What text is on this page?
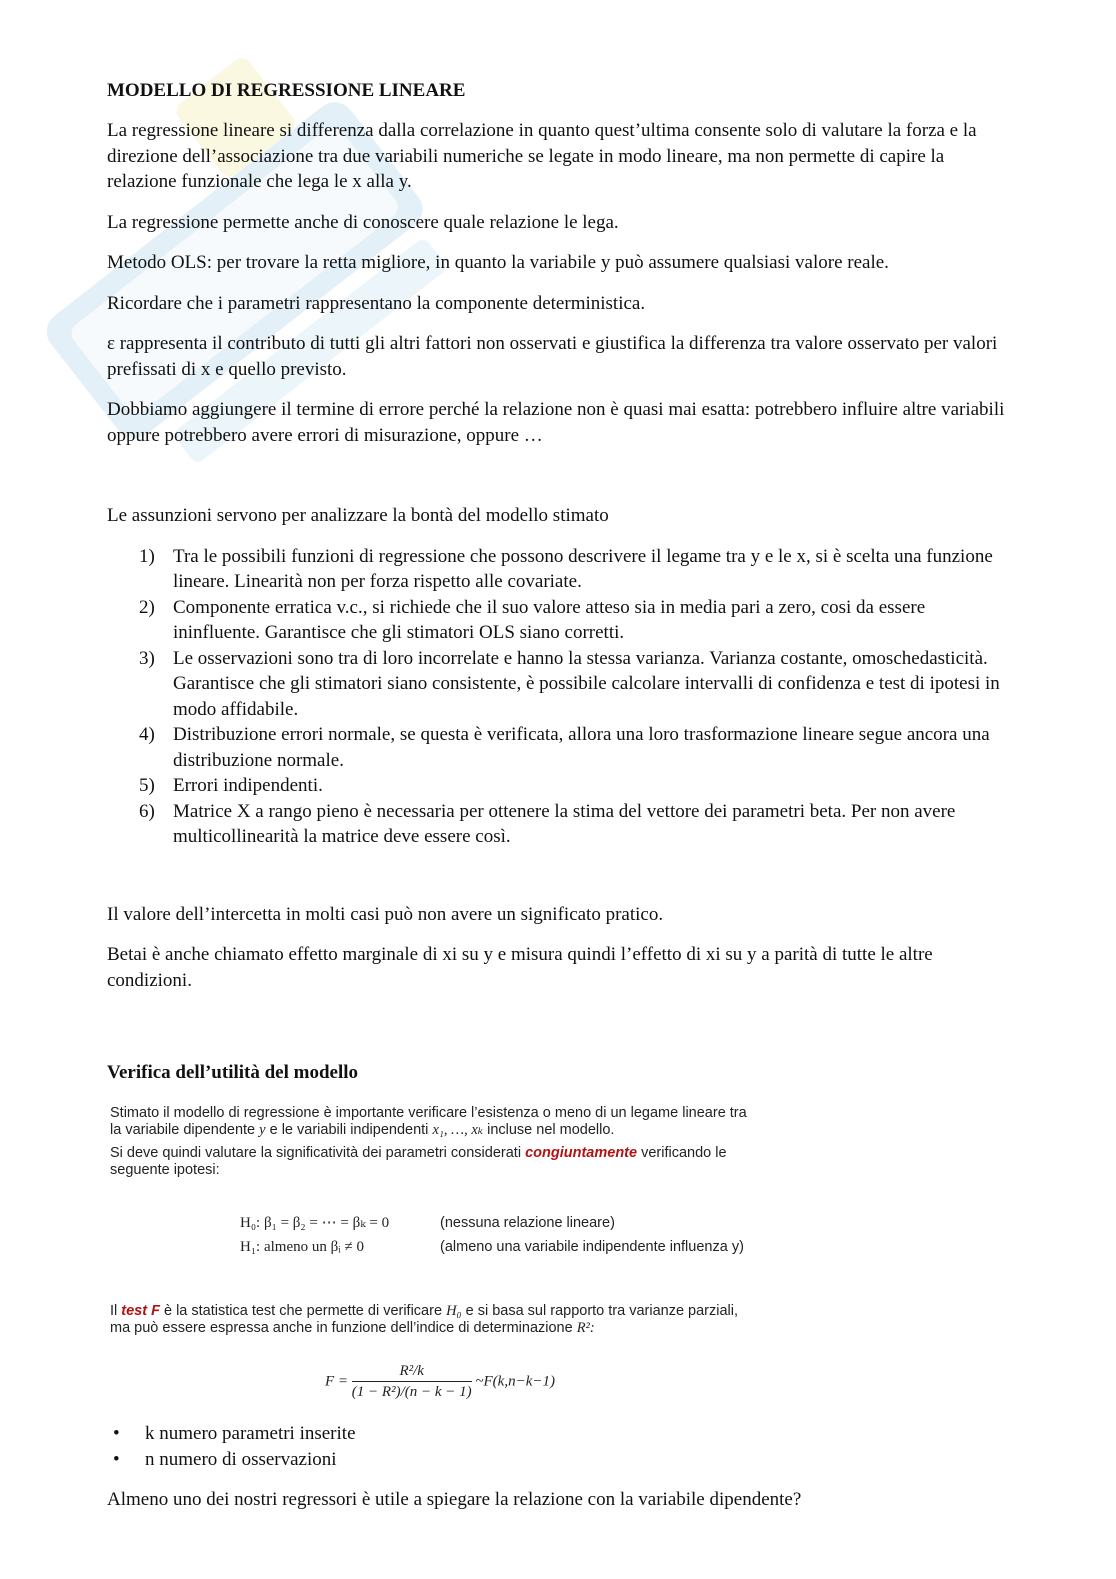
MODELLO DI REGRESSIONE LINEARE

La regressione lineare si differenza dalla correlazione in quanto quest’ultima consente solo di valutare la forza e la direzione dell’associazione tra due variabili numeriche se legate in modo lineare, ma non permette di capire la relazione funzionale che lega le x alla y.

La regressione permette anche di conoscere quale relazione le lega.

Metodo OLS: per trovare la retta migliore, in quanto la variabile y può assumere qualsiasi valore reale.

Ricordare che i parametri rappresentano la componente deterministica.

ε rappresenta il contributo di tutti gli altri fattori non osservati e giustifica la differenza tra valore osservato per valori prefissati di x e quello previsto.

Dobbiamo aggiungere il termine di errore perché la relazione non è quasi mai esatta: potrebbero influire altre variabili oppure potrebbero avere errori di misurazione, oppure …

Le assunzioni servono per analizzare la bontà del modello stimato

1) Tra le possibili funzioni di regressione che possono descrivere il legame tra y e le x, si è scelta una funzione lineare. Linearità non per forza rispetto alle covariate.
2) Componente erratica v.c., si richiede che il suo valore atteso sia in media pari a zero, cosi da essere ininfluente. Garantisce che gli stimatori OLS siano corretti.
3) Le osservazioni sono tra di loro incorrelate e hanno la stessa varianza. Varianza costante, omoschedasticità. Garantisce che gli stimatori siano consistente, è possibile calcolare intervalli di confidenza e test di ipotesi in modo affidabile.
4) Distribuzione errori normale, se questa è verificata, allora una loro trasformazione lineare segue ancora una distribuzione normale.
5) Errori indipendenti.
6) Matrice X a rango pieno è necessaria per ottenere la stima del vettore dei parametri beta. Per non avere multicollinearità la matrice deve essere così.

Il valore dell’intercetta in molti casi può non avere un significato pratico.

Betai è anche chiamato effetto marginale di xi su y e misura quindi l’effetto di xi su y a parità di tutte le altre condizioni.

Verifica dell’utilità del modello

Stimato il modello di regressione è importante verificare l’esistenza o meno di un legame lineare tra

la variabile dipendente y e le variabili indipendenti x₁, …, xₖ incluse nel modello.

Si deve quindi valutare la significatività dei parametri considerati congiuntamente verificando le

seguente ipotesi:

H₀: β₁ = β₂ = ⋯ = βₖ = 0	(nessuna relazione lineare)
H₁: almeno un βᵢ ≠ 0	(almeno una variabile indipendente influenza y)

Il test F è la statistica test che permette di verificare H₀ e si basa sul rapporto tra varianze parziali,

ma può essere espressa anche in funzione dell’indice di determinazione R²:

$F = \frac{\text{R²/k}}{\text{(1 − R²)/(n − k − 1)}}$ ~F(k,n−k−1)
• k numero parametri inserite
• n numero di osservazioni

Almeno uno dei nostri regressori è utile a spiegare la relazione con la variabile dipendente?
